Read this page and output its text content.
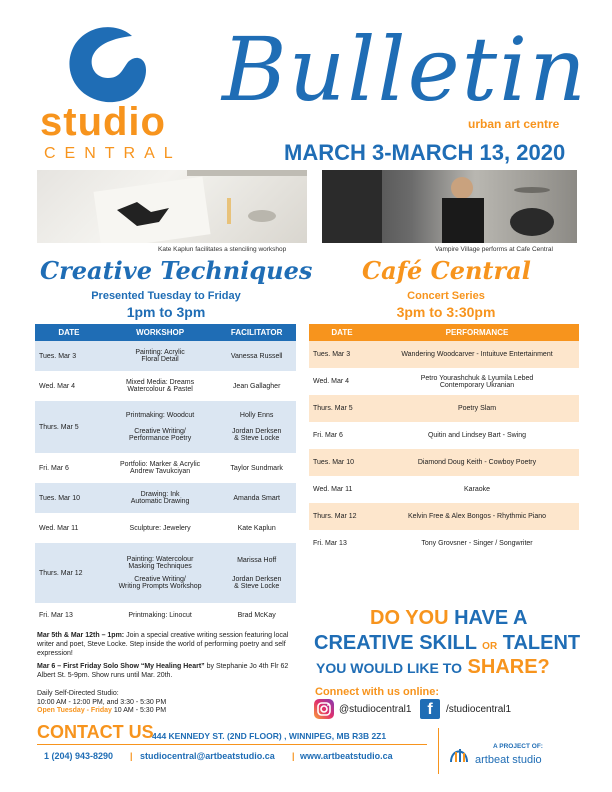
studio
CENTRAL
Bulletin
urban art centre
MARCH 3-MARCH 13, 2020
Kate Kaplun facilitates a stenciling workshop	Vampire Village performs at Cafe Central
Creative Techniques
Presented Tuesday to Friday
1pm to 3pm
Café Central
Concert Series
3pm to 3:30pm
DATE	WORKSHOP	FACILITATOR
Tues. Mar 3	Painting: Acrylic
Floral Detail	Vanessa Russell
Wed. Mar 4	Mixed Media: Dreams
Watercolour & Pastel	Jean Gallagher
Thurs. Mar 5	Printmaking: Woodcut
Creative Writing/
Performance Poetry	Holly Enns
Jordan Derksen
& Steve Locke

Fri. Mar 6	Portfolio: Marker & Acrylic
Andrew Tavukciyan	Taylor Sundmark
Tues. Mar 10	Drawing: Ink
Automatic Drawing	Amanda Smart
Wed. Mar 11	Sculpture: Jewelery	Kate Kaplun
Thurs. Mar 12	Painting: Watercolour
Masking Techniques
Creative Writing/
Writing Prompts Workshop	Marissa Hoff
Jordan Derksen
& Steve Locke

Fri. Mar 13	Printmaking: Linocut	Brad McKay
DATE	PERFORMANCE
Tues. Mar 3	Wandering Woodcarver - Intuituve Entertainment
Wed. Mar 4	Petro Yourashchuk & Lyumila Lebed
Contemporary Ukranian

Thurs. Mar 5	Poetry Slam
Fri. Mar 6	Quitin and Lindsey Bart - Swing
Tues. Mar 10	Diamond Doug Keith - Cowboy Poetry
Wed. Mar 11	Karaoke
Thurs. Mar 12	Kelvin Free & Alex Bongos - Rhythmic Piano
Fri. Mar 13	Tony Grovsner - Singer / Songwriter

Mar 5th & Mar 12th – 1pm: Join a special creative writing session featuring local writer and poet, Steve Locke. Step inside the world of performing poetry and self expression!

Mar 6 – First Friday Solo Show “My Healing Heart” by Stephanie Jo 4th Flr 62 Albert St. 5-9pm. Show runs until Mar. 20th.

Daily Self-Directed Studio:
10:00 AM - 12:00 PM, and 3:30 - 5:30 PM
Open Tuesday - Friday 10 AM - 5:30 PM
DO YOU HAVE A
CREATIVE SKILL OR TALENT
YOU WOULD LIKE TO SHARE?
Connect with us online:
@studiocentral1 f	/studiocentral1
CONTACT US
444 KENNEDY ST. (2ND FLOOR) , WINNIPEG, MB R3B 2Z1
1 (204) 943-8290 | studiocentral@artbeatstudio.ca | www.artbeatstudio.ca
A PROJECT OF:
artbeat studio
